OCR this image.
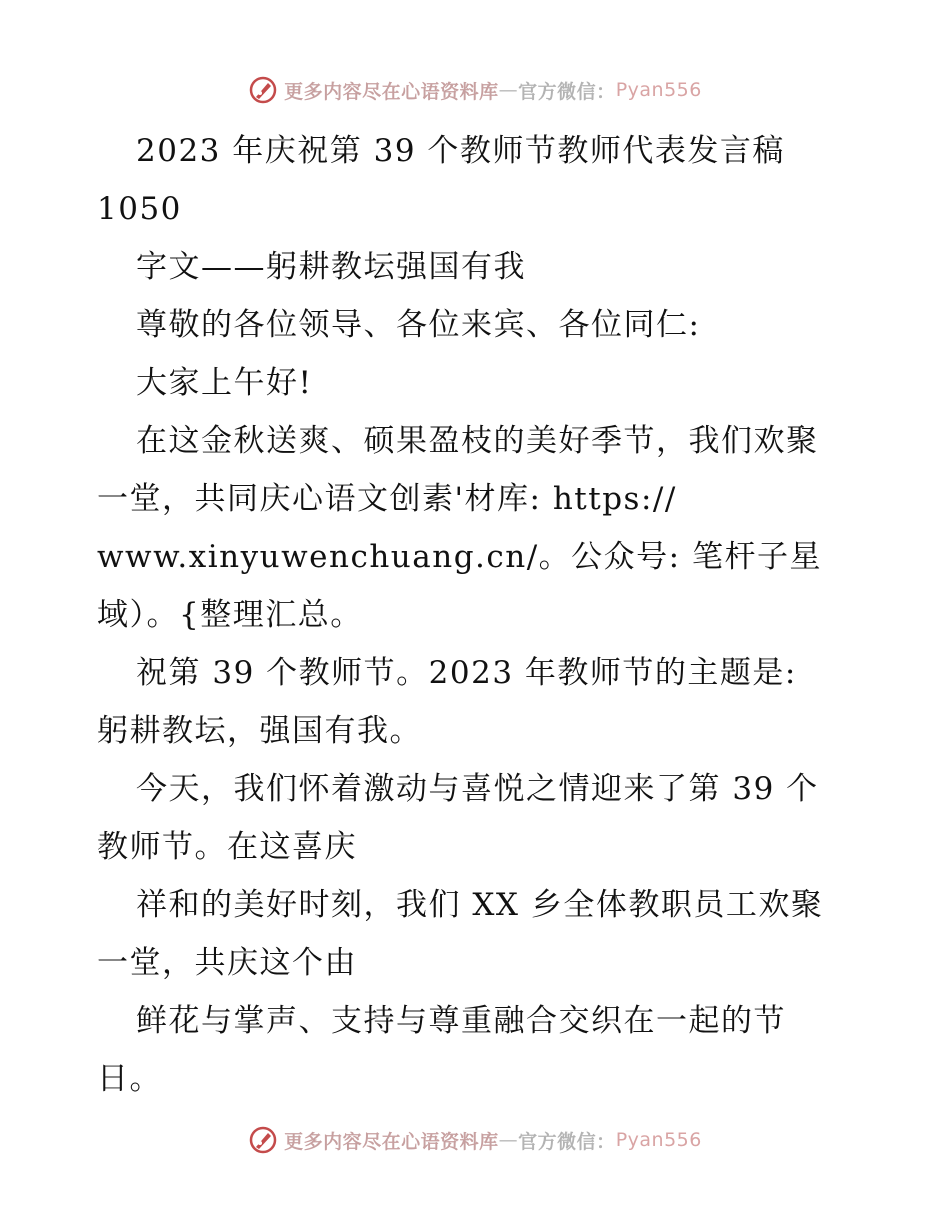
更多内容尽在心语资料库 — 官方微信： Pyan556
2023 年庆祝第 39 个教师节教师代表发言稿
1050
字文——躬耕教坛强国有我
尊敬的各位领导、各位来宾、各位同仁:
大家上午好!
在这金秋送爽、硕果盈枝的美好季节，我们欢聚
一堂，共同庆心语文创素'材库: https://
www.xinyuwenchuang.cn/。公众号: 笔杆子星
域）。{整理汇总。
祝第 39 个教师节。2023 年教师节的主题是:
躬耕教坛，强国有我。
今天，我们怀着激动与喜悦之情迎来了第 39 个
教师节。在这喜庆
祥和的美好时刻，我们 XX 乡全体教职员工欢聚
一堂，共庆这个由
鲜花与掌声、支持与尊重融合交织在一起的节
日。
更多内容尽在心语资料库 — 官方微信： Pyan556
